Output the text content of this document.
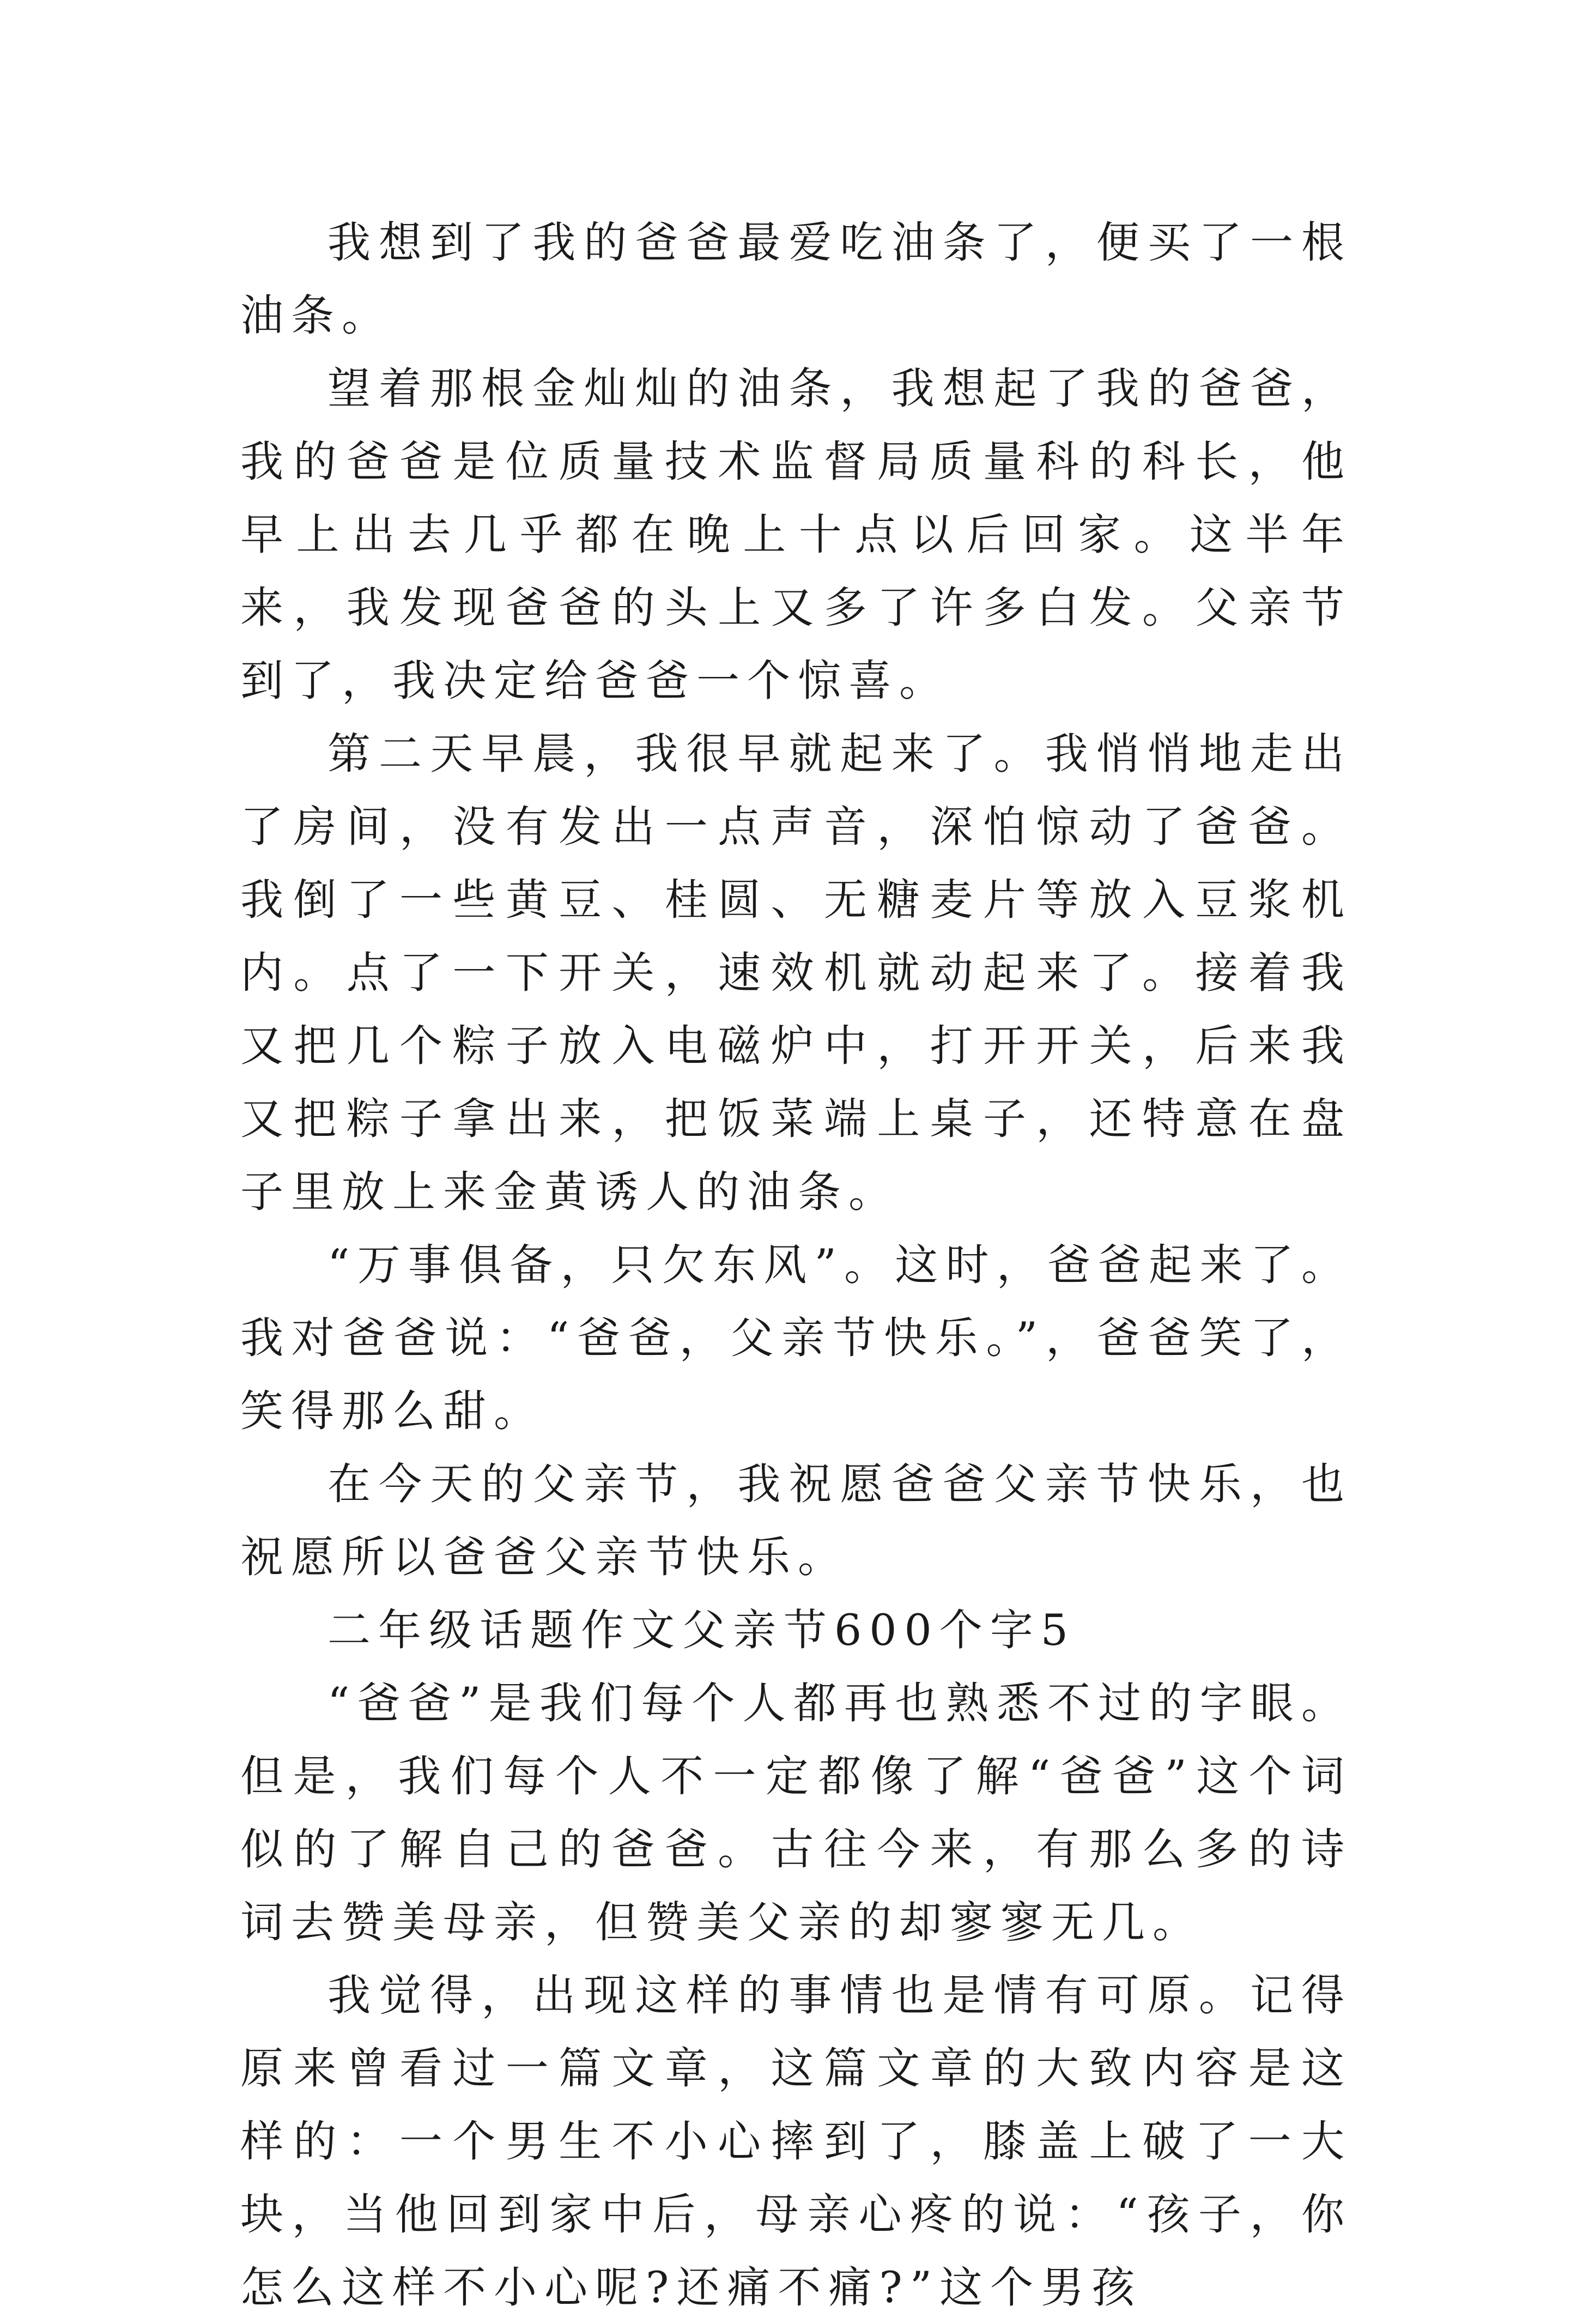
我想到了我的爸爸最爱吃油条了，便买了一根油条。

望着那根金灿灿的油条，我想起了我的爸爸，我的爸爸是位质量技术监督局质量科的科长，他早上出去几乎都在晚上十点以后回家。这半年来，我发现爸爸的头上又多了许多白发。父亲节到了，我决定给爸爸一个惊喜。

第二天早晨，我很早就起来了。我悄悄地走出了房间，没有发出一点声音，深怕惊动了爸爸。我倒了一些黄豆、桂圆、无糖麦片等放入豆浆机内。点了一下开关，速效机就动起来了。接着我又把几个粽子放入电磁炉中，打开开关，后来我又把粽子拿出来，把饭菜端上桌子，还特意在盘子里放上来金黄诱人的油条。

“万事俱备，只欠东风”。这时，爸爸起来了。我对爸爸说：“爸爸，父亲节快乐。”，爸爸笑了，笑得那么甜。

在今天的父亲节，我祝愿爸爸父亲节快乐，也祝愿所以爸爸父亲节快乐。

二年级话题作文父亲节600个字5

“爸爸”是我们每个人都再也熟悉不过的字眼。但是，我们每个人不一定都像了解“爸爸”这个词似的了解自己的爸爸。古往今来，有那么多的诗词去赞美母亲，但赞美父亲的却寥寥无几。

我觉得，出现这样的事情也是情有可原。记得原来曾看过一篇文章，这篇文章的大致内容是这样的：一个男生不小心摔到了，膝盖上破了一大块，当他回到家中后，母亲心疼的说：“孩子，你怎么这样不小心呢?还痛不痛?”这个男孩
